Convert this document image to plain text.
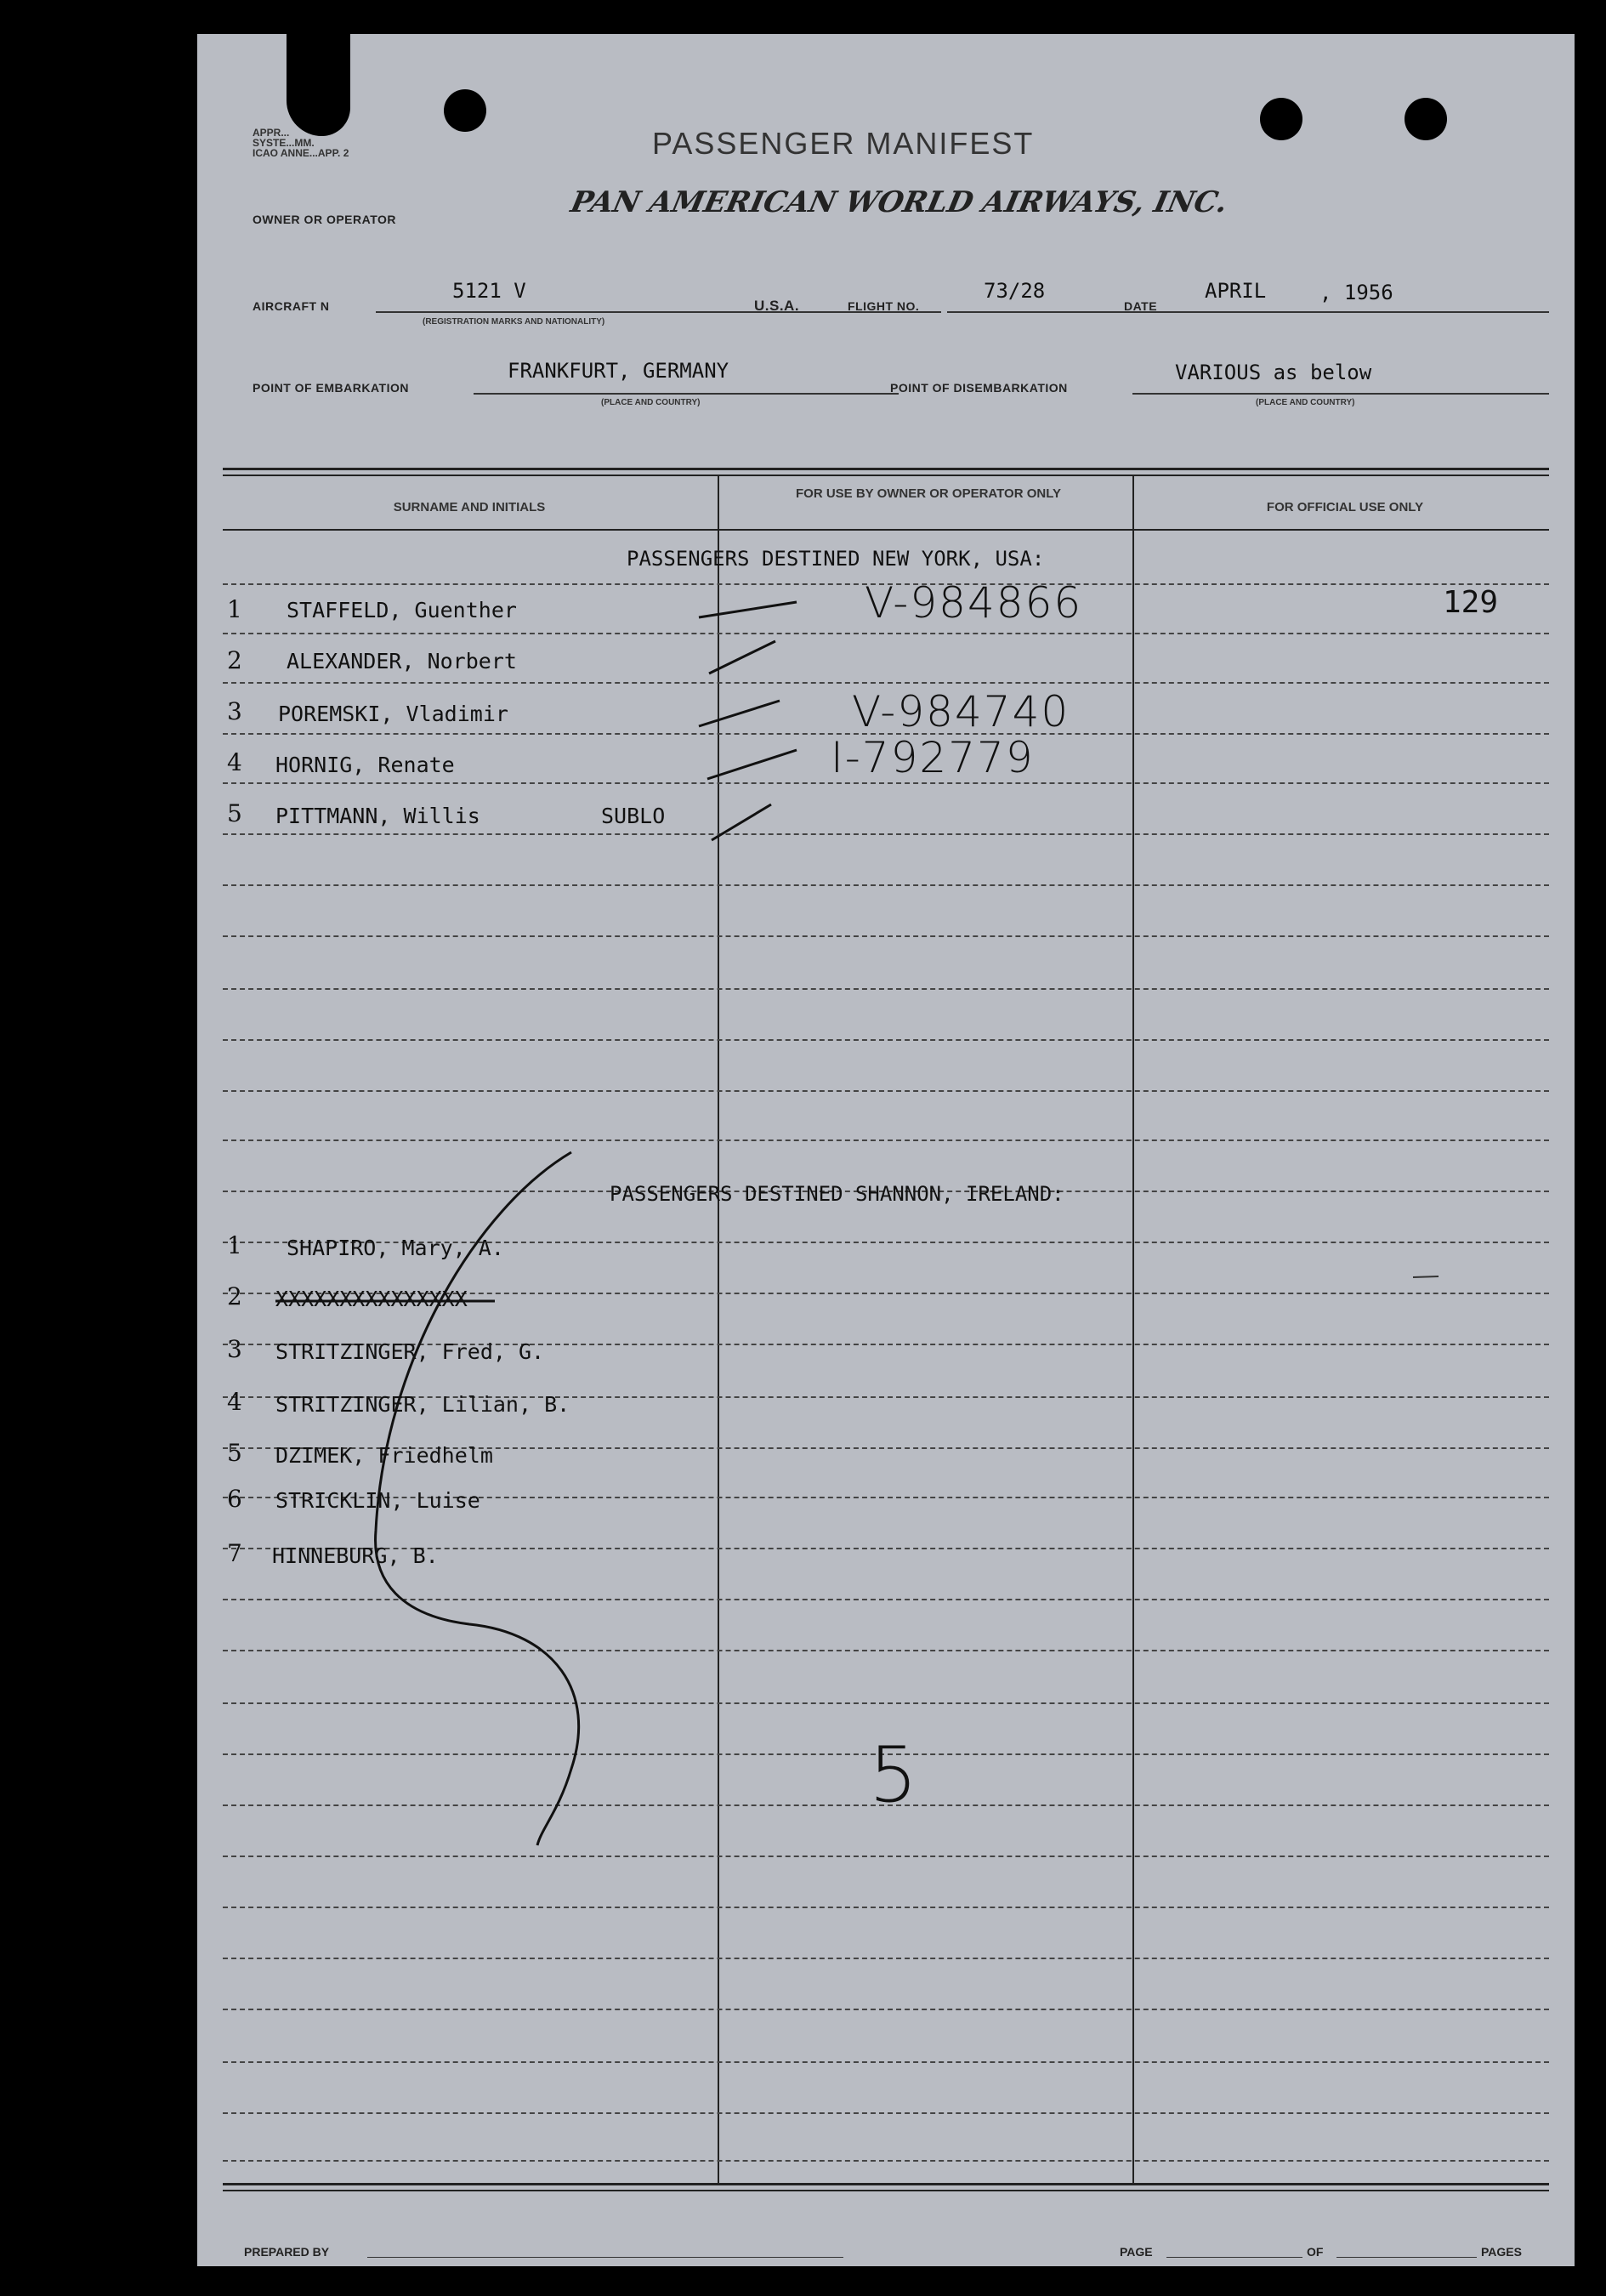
APPR...
SYSTE...MM.
ICAO ANNE...APP. 2	PASSENGER MANIFEST
OWNER OR OPERATOR	PAN AMERICAN WORLD AIRWAYS, INC.
AIRCRAFT N
5121 V
(REGISTRATION MARKS AND NATIONALITY)
U.S.A.	FLIGHT NO.
73/28
DATE
APRIL	, 1956
POINT OF EMBARKATION
FRANKFURT, GERMANY
(PLACE AND COUNTRY)
POINT OF DISEMBARKATION
VARIOUS as below
(PLACE AND COUNTRY)
SURNAME AND INITIALS
FOR USE BY OWNER OR OPERATOR ONLY
FOR OFFICIAL USE ONLY
PASSENGERS DESTINED NEW YORK, USA:
1 STAFFELD, Guenther	V-984866	129
2 ALEXANDER, Norbert
3 POREMSKI, Vladimir	V-984740
4 HORNIG, Renate	I-792779
5 PITTMANN, Willis	SUBLO
PASSENGERS DESTINED SHANNON, IRELAND:
1 SHAPIRO, Mary, A.
2 XXXXXXXXXXXXXXX
3 STRITZINGER, Fred, G.
4 STRITZINGER, Lilian, B.
5 DZIMEK, Friedhelm
6 STRICKLIN, Luise
7 HINNEBURG, B.
PREPARED BY	PAGE	OF	PAGES
5
